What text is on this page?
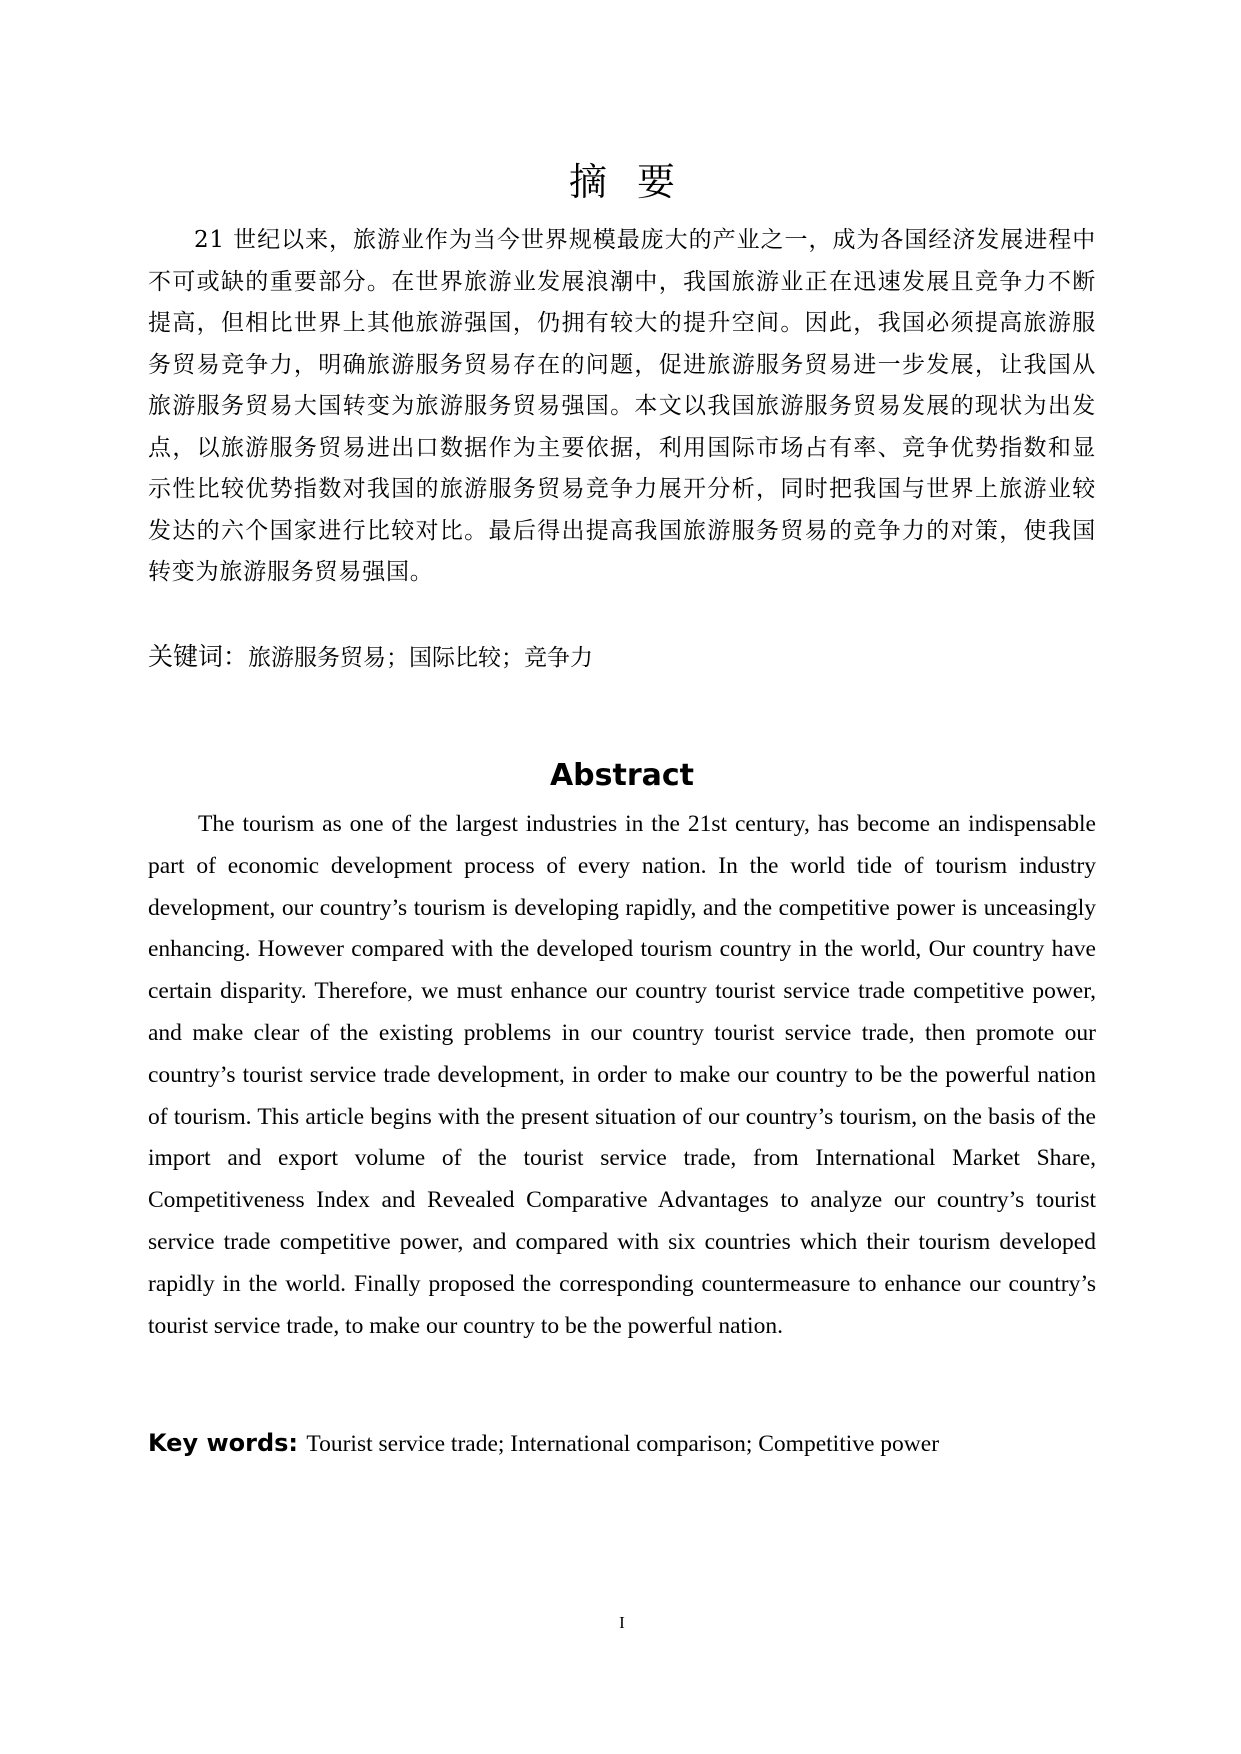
摘要

21 世纪以来，旅游业作为当今世界规模最庞大的产业之一，成为各国经济发展进程中不可或缺的重要部分。在世界旅游业发展浪潮中，我国旅游业正在迅速发展且竞争力不断提高，但相比世界上其他旅游强国，仍拥有较大的提升空间。因此，我国必须提高旅游服务贸易竞争力，明确旅游服务贸易存在的问题，促进旅游服务贸易进一步发展，让我国从旅游服务贸易大国转变为旅游服务贸易强国。本文以我国旅游服务贸易发展的现状为出发点，以旅游服务贸易进出口数据作为主要依据，利用国际市场占有率、竞争优势指数和显示性比较优势指数对我国的旅游服务贸易竞争力展开分析，同时把我国与世界上旅游业较发达的六个国家进行比较对比。最后得出提高我国旅游服务贸易的竞争力的对策，使我国转变为旅游服务贸易强国。

关键词：旅游服务贸易；国际比较；竞争力
Abstract

The tourism as one of the largest industries in the 21st century, has become an indispensable part of economic development process of every nation. In the world tide of tourism industry development, our country’s tourism is developing rapidly, and the competitive power is unceasingly enhancing. However compared with the developed tourism country in the world, Our country have certain disparity. Therefore, we must enhance our country tourist service trade competitive power, and make clear of the existing problems in our country tourist service trade, then promote our country’s tourist service trade development, in order to make our country to be the powerful nation of tourism. This article begins with the present situation of our country’s tourism, on the basis of the import and export volume of the tourist service trade, from International Market Share, Competitiveness Index and Revealed Comparative Advantages to analyze our country’s tourist service trade competitive power, and compared with six countries which their tourism developed rapidly in the world. Finally proposed the corresponding countermeasure to enhance our country’s tourist service trade, to make our country to be the powerful nation.

Key words: Tourist service trade; International comparison; Competitive power
I
